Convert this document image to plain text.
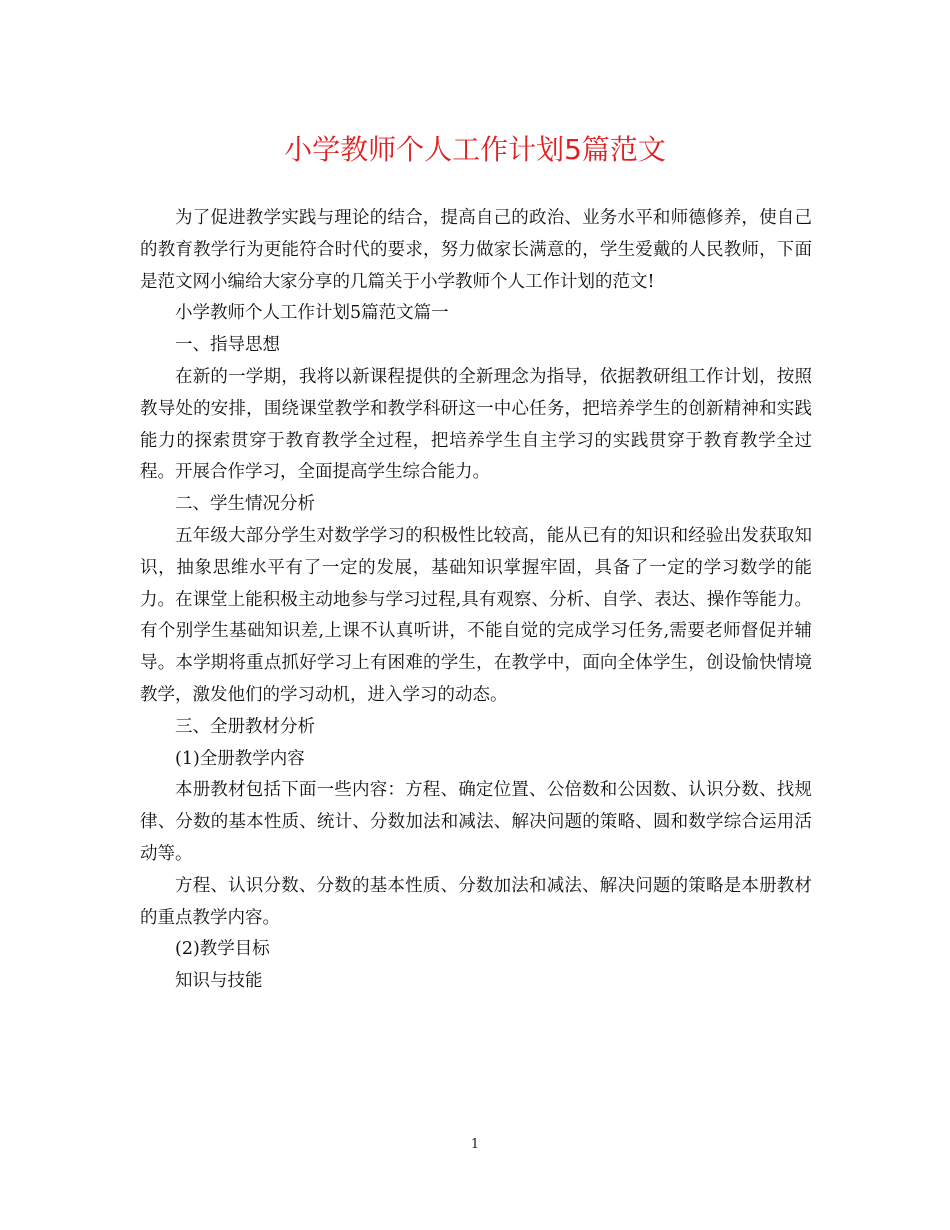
小学教师个人工作计划5篇范文

为了促进教学实践与理论的结合，提高自己的政治、业务水平和师德修养，使自己的教育教学行为更能符合时代的要求，努力做家长满意的，学生爱戴的人民教师，下面是范文网小编给大家分享的几篇关于小学教师个人工作计划的范文!

小学教师个人工作计划5篇范文篇一

一、指导思想

在新的一学期，我将以新课程提供的全新理念为指导，依据教研组工作计划，按照教导处的安排，围绕课堂教学和教学科研这一中心任务，把培养学生的创新精神和实践能力的探索贯穿于教育教学全过程，把培养学生自主学习的实践贯穿于教育教学全过程。开展合作学习，全面提高学生综合能力。

二、学生情况分析

五年级大部分学生对数学学习的积极性比较高，能从已有的知识和经验出发获取知识，抽象思维水平有了一定的发展，基础知识掌握牢固，具备了一定的学习数学的能力。在课堂上能积极主动地参与学习过程,具有观察、分析、自学、表达、操作等能力。有个别学生基础知识差,上课不认真听讲，不能自觉的完成学习任务,需要老师督促并辅导。本学期将重点抓好学习上有困难的学生，在教学中，面向全体学生，创设愉快情境教学，激发他们的学习动机，进入学习的动态。

三、全册教材分析

(1)全册教学内容

本册教材包括下面一些内容：方程、确定位置、公倍数和公因数、认识分数、找规律、分数的基本性质、统计、分数加法和减法、解决问题的策略、圆和数学综合运用活动等。

方程、认识分数、分数的基本性质、分数加法和减法、解决问题的策略是本册教材的重点教学内容。

(2)教学目标

知识与技能

1
